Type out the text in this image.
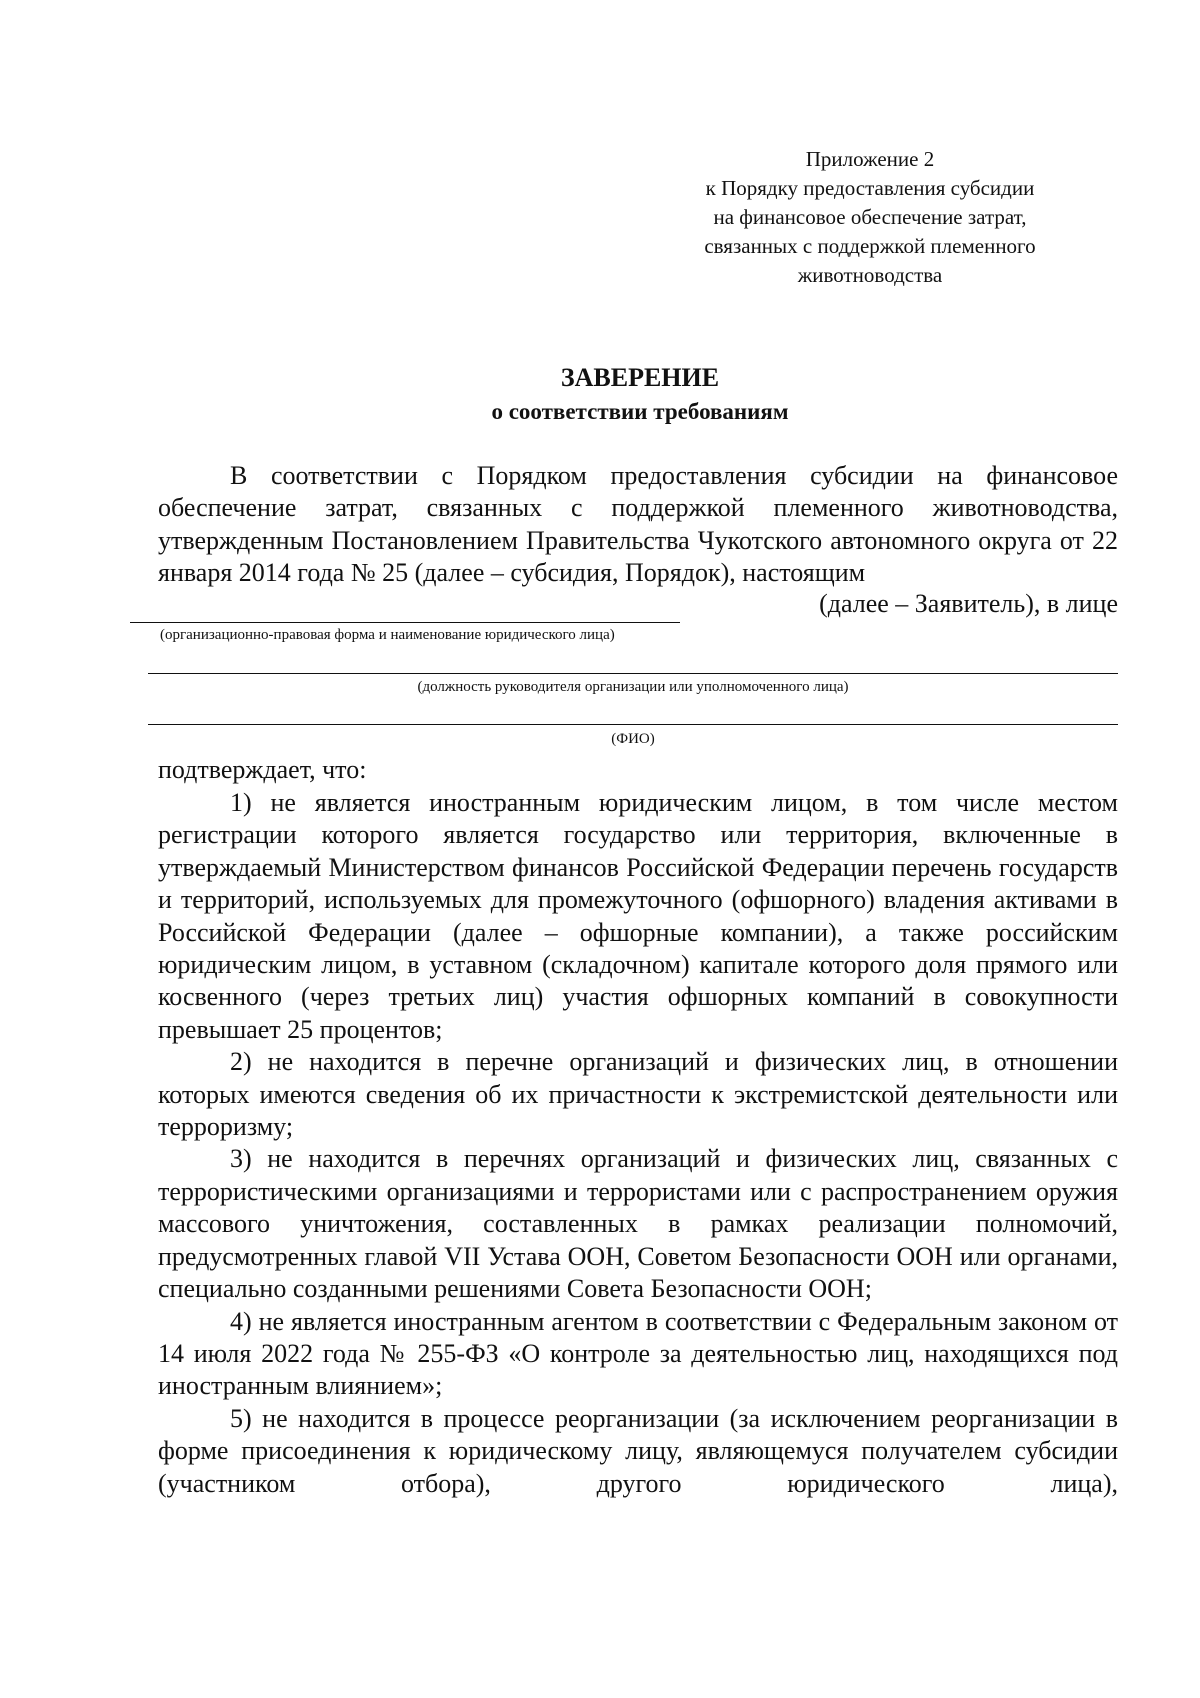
Приложение 2
к Порядку предоставления субсидии
на финансовое обеспечение затрат,
связанных с поддержкой племенного
животноводства
ЗАВЕРЕНИЕ
о соответствии требованиям

В соответствии с Порядком предоставления субсидии на финансовое обеспечение затрат, связанных с поддержкой племенного животноводства, утвержденным Постановлением Правительства Чукотского автономного округа от 22 января 2014 года № 25 (далее – субсидия, Порядок), настоящим

(далее – Заявитель), в лице
(организационно-правовая форма и наименование юридического лица)
(должность руководителя организации или уполномоченного лица)
(ФИО)
подтверждает, что:

1) не является иностранным юридическим лицом, в том числе местом регистрации которого является государство или территория, включенные в утверждаемый Министерством финансов Российской Федерации перечень государств и территорий, используемых для промежуточного (офшорного) владения активами в Российской Федерации (далее – офшорные компании), а также российским юридическим лицом, в уставном (складочном) капитале которого доля прямого или косвенного (через третьих лиц) участия офшорных компаний в совокупности превышает 25 процентов;

2) не находится в перечне организаций и физических лиц, в отношении которых имеются сведения об их причастности к экстремистской деятельности или терроризму;

3) не находится в перечнях организаций и физических лиц, связанных с террористическими организациями и террористами или с распространением оружия массового уничтожения, составленных в рамках реализации полномочий, предусмотренных главой VII Устава ООН, Советом Безопасности ООН или органами, специально созданными решениями Совета Безопасности ООН;

4) не является иностранным агентом в соответствии с Федеральным законом от 14 июля 2022 года № 255-ФЗ «О контроле за деятельностью лиц, находящихся под иностранным влиянием»;

5) не находится в процессе реорганизации (за исключением реорганизации в форме присоединения к юридическому лицу, являющемуся получателем субсидии (участником отбора), другого юридического лица),
